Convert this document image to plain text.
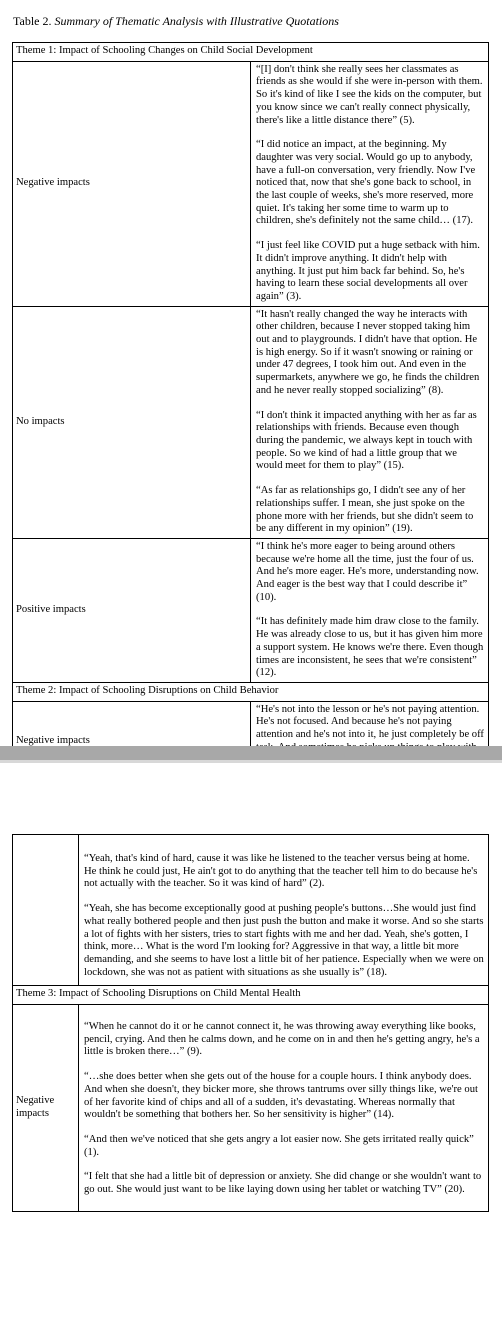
Table 2. Summary of Thematic Analysis with Illustrative Quotations
Theme 1: Impact of Schooling Changes on Child Social Development	
Negative impacts	“[I] don't think she really sees her classmates as friends as she would if she were in-person with them. So it's kind of like I see the kids on the computer, but you know since we can't really connect physically, there's like a little distance there” (5).

“I did notice an impact, at the beginning. My daughter was very social. Would go up to anybody, have a full-on conversation, very friendly. Now I've noticed that, now that she's gone back to school, in the last couple of weeks, she's more reserved, more quiet. It's taking her some time to warm up to children, she's definitely not the same child… (17).

“I just feel like COVID put a huge setback with him. It didn't improve anything. It didn't help with anything. It just put him back far behind. So, he's having to learn these social developments all over again” (3).

No impacts	“It hasn't really changed the way he interacts with other children, because I never stopped taking him out and to playgrounds. I didn't have that option. He is high energy. So if it wasn't snowing or raining or under 47 degrees, I took him out. And even in the supermarkets, anywhere we go, he finds the children and he never really stopped socializing” (8).

“I don't think it impacted anything with her as far as relationships with friends. Because even though during the pandemic, we always kept in touch with people. So we kind of had a little group that we would meet for them to play” (15).

“As far as relationships go, I didn't see any of her relationships suffer. I mean, she just spoke on the phone more with her friends, but she didn't seem to be any different in my opinion” (19).

Positive impacts	“I think he's more eager to being around others because we're home all the time, just the four of us. And he's more eager. He's more, understanding now. And eager is the best way that I could describe it” (10).

“It has definitely made him draw close to the family. He was already close to us, but it has given him more a support system. He knows we're there. Even though times are inconsistent, he sees that we're consistent” (12).

Theme 2: Impact of Schooling Disruptions on Child Behavior	
Negative impacts	“He's not into the lesson or he's not paying attention. He's not focused. And because he's not paying attention and he's not into it, he just completely be off

	“Yeah, that's kind of hard, cause it was like he listened to the teacher versus being at home. He think he could just, He ain't got to do anything that the teacher tell him to do because he's not actually with the teacher. So it was kind of hard” (2).

“Yeah, she has become exceptionally good at pushing people's buttons…She would just find what really bothered people and then just push the button and make it worse. And so she starts a lot of fights with her sisters, tries to start fights with me and her dad. Yeah, she's gotten, I think, more… What is the word I'm looking for? Aggressive in that way, a little bit more demanding, and she seems to have lost a little bit of her patience. Especially when we were on lockdown, she was not as patient with situations as she usually is” (18).

Theme 3: Impact of Schooling Disruptions on Child Mental Health	
Negative impacts	“When he cannot do it or he cannot connect it, he was throwing away everything like books, pencil, crying. And then he calms down, and he come on in and then he's getting angry, he's a little is broken there…” (9).

“…she does better when she gets out of the house for a couple hours. I think anybody does. And when she doesn't, they bicker more, she throws tantrums over silly things like, we're out of her favorite kind of chips and all of a sudden, it's devastating. Whereas normally that wouldn't be something that bothers her. So her sensitivity is higher” (14).

“And then we've noticed that she gets angry a lot easier now. She gets irritated really quick” (1).

“I felt that she had a little bit of depression or anxiety. She did change or she wouldn't want to go out. She would just want to be like laying down using her tablet or watching TV” (20).
